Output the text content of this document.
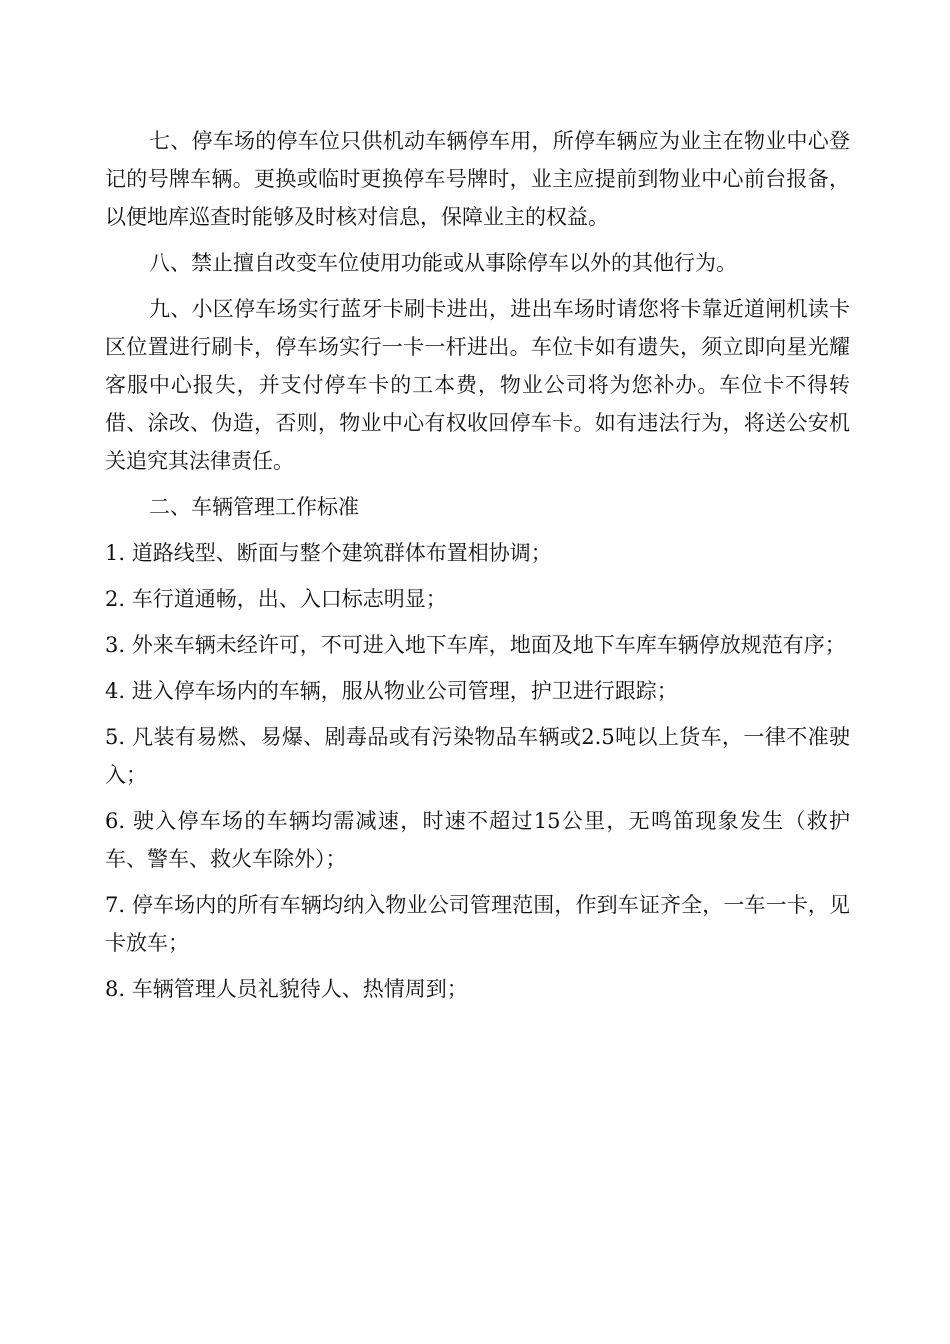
七、停车场的停车位只供机动车辆停车用，所停车辆应为业主在物业中心登记的号牌车辆。更换或临时更换停车号牌时，业主应提前到物业中心前台报备，以便地库巡查时能够及时核对信息，保障业主的权益。

八、禁止擅自改变车位使用功能或从事除停车以外的其他行为。

九、小区停车场实行蓝牙卡刷卡进出，进出车场时请您将卡靠近道闸机读卡区位置进行刷卡，停车场实行一卡一杆进出。车位卡如有遗失，须立即向星光耀客服中心报失，并支付停车卡的工本费，物业公司将为您补办。车位卡不得转借、涂改、伪造，否则，物业中心有权收回停车卡。如有违法行为，将送公安机关追究其法律责任。

二、车辆管理工作标准

1. 道路线型、断面与整个建筑群体布置相协调；

2. 车行道通畅，出、入口标志明显；

3. 外来车辆未经许可，不可进入地下车库，地面及地下车库车辆停放规范有序；

4. 进入停车场内的车辆，服从物业公司管理，护卫进行跟踪；

5. 凡装有易燃、易爆、剧毒品或有污染物品车辆或2.5吨以上货车，一律不准驶入；

6. 驶入停车场的车辆均需减速，时速不超过15公里，无鸣笛现象发生（救护车、警车、救火车除外）；

7. 停车场内的所有车辆均纳入物业公司管理范围，作到车证齐全，一车一卡，见卡放车；

8. 车辆管理人员礼貌待人、热情周到；
